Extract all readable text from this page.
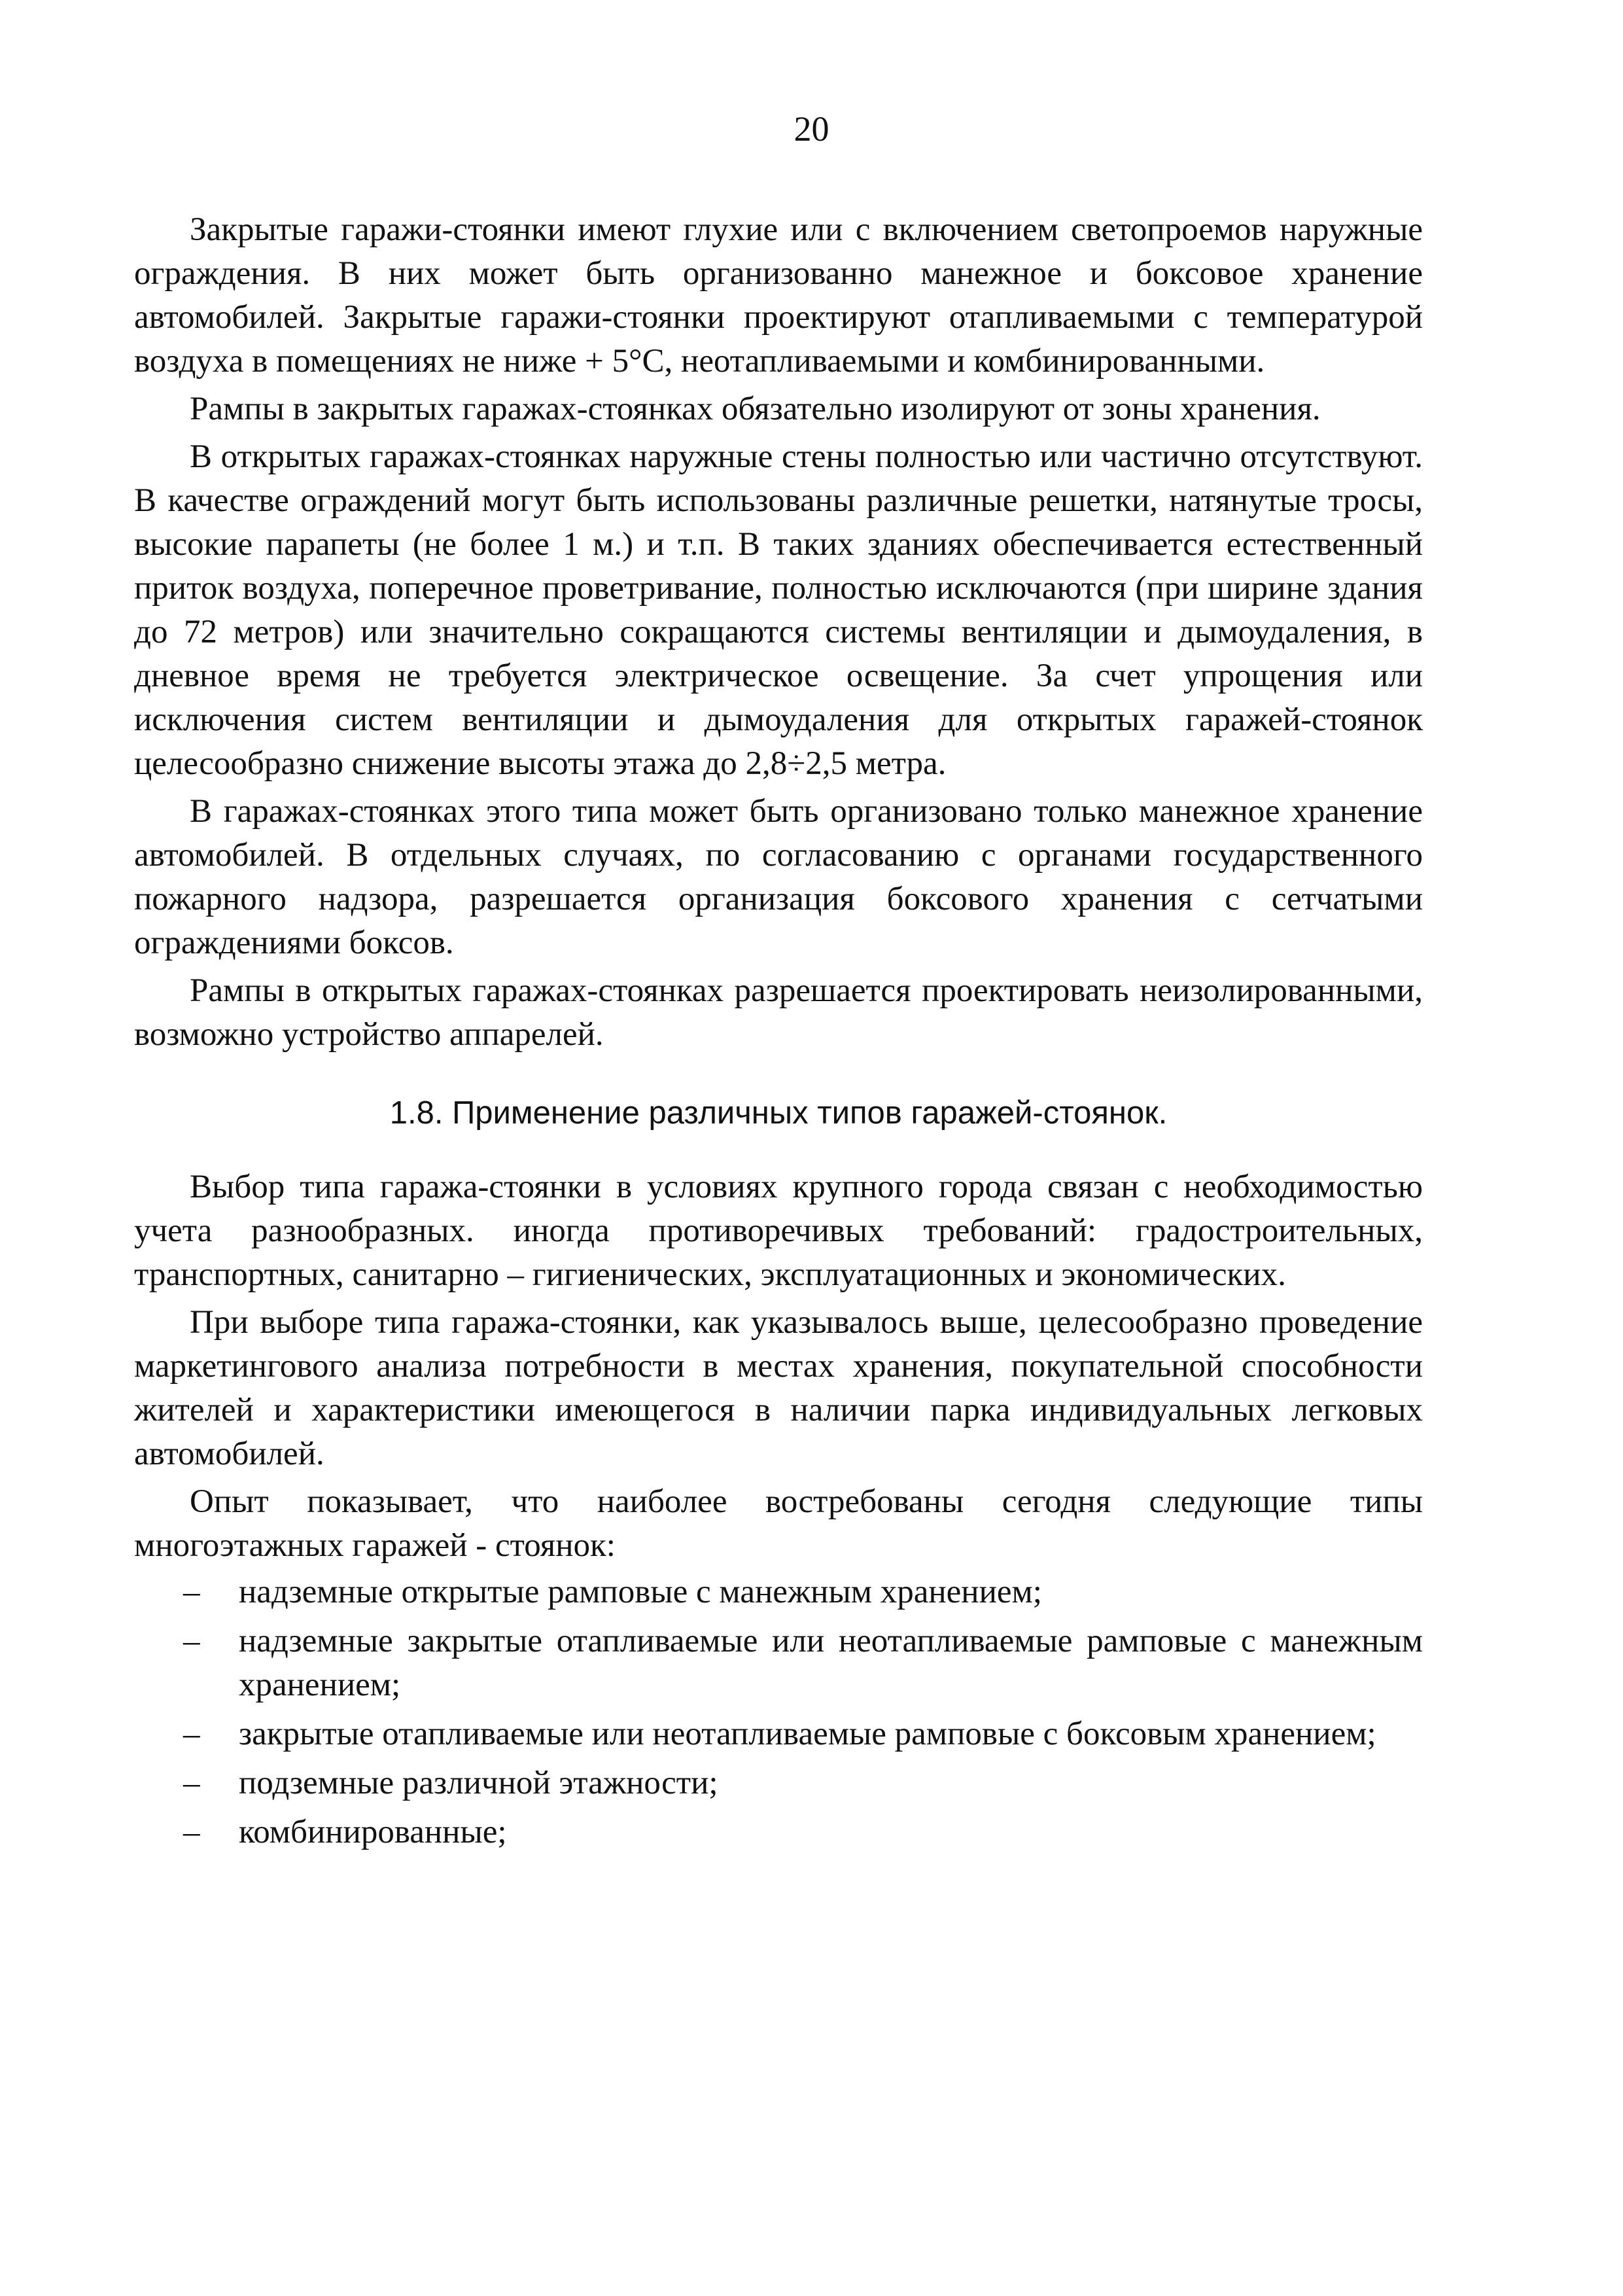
20

Закрытые гаражи-стоянки имеют глухие или с включением светопроемов наружные ограждения. В них может быть организованно манежное и боксовое хранение автомобилей. Закрытые гаражи-стоянки проектируют отапливаемыми с температурой воздуха в помещениях не ниже + 5°С, неотапливаемыми и комбинированными.

Рампы в закрытых гаражах-стоянках обязательно изолируют от зоны хранения.

В открытых гаражах-стоянках наружные стены полностью или частично отсутствуют. В качестве ограждений могут быть использованы различные решетки, натянутые тросы, высокие парапеты (не более 1 м.) и т.п. В таких зданиях обеспечивается естественный приток воздуха, поперечное проветривание, полностью исключаются (при ширине здания до 72 метров) или значительно сокращаются системы вентиляции и дымоудаления, в дневное время не требуется электрическое освещение. За счет упрощения или исключения систем вентиляции и дымоудаления для открытых гаражей-стоянок целесообразно снижение высоты этажа до 2,8÷2,5 метра.

В гаражах-стоянках этого типа может быть организовано только манежное хранение автомобилей. В отдельных случаях, по согласованию с органами государственного пожарного надзора, разрешается организация боксового хранения с сетчатыми ограждениями боксов.

Рампы в открытых гаражах-стоянках разрешается проектировать неизолированными, возможно устройство аппарелей.

1.8. Применение различных типов гаражей-стоянок.

Выбор типа гаража-стоянки в условиях крупного города связан с необходимостью учета разнообразных. иногда противоречивых требований: градостроительных, транспортных, санитарно – гигиенических, эксплуатационных и экономических.

При выборе типа гаража-стоянки, как указывалось выше, целесообразно проведение маркетингового анализа потребности в местах хранения, покупательной способности жителей и характеристики имеющегося в наличии парка индивидуальных легковых автомобилей.

Опыт показывает, что наиболее востребованы сегодня следующие типы многоэтажных гаражей - стоянок:

– надземные открытые рамповые с манежным хранением;
– надземные закрытые отапливаемые или неотапливаемые рамповые с манежным хранением;
– закрытые отапливаемые или неотапливаемые рамповые с боксовым хранением;
– подземные различной этажности;
– комбинированные;
